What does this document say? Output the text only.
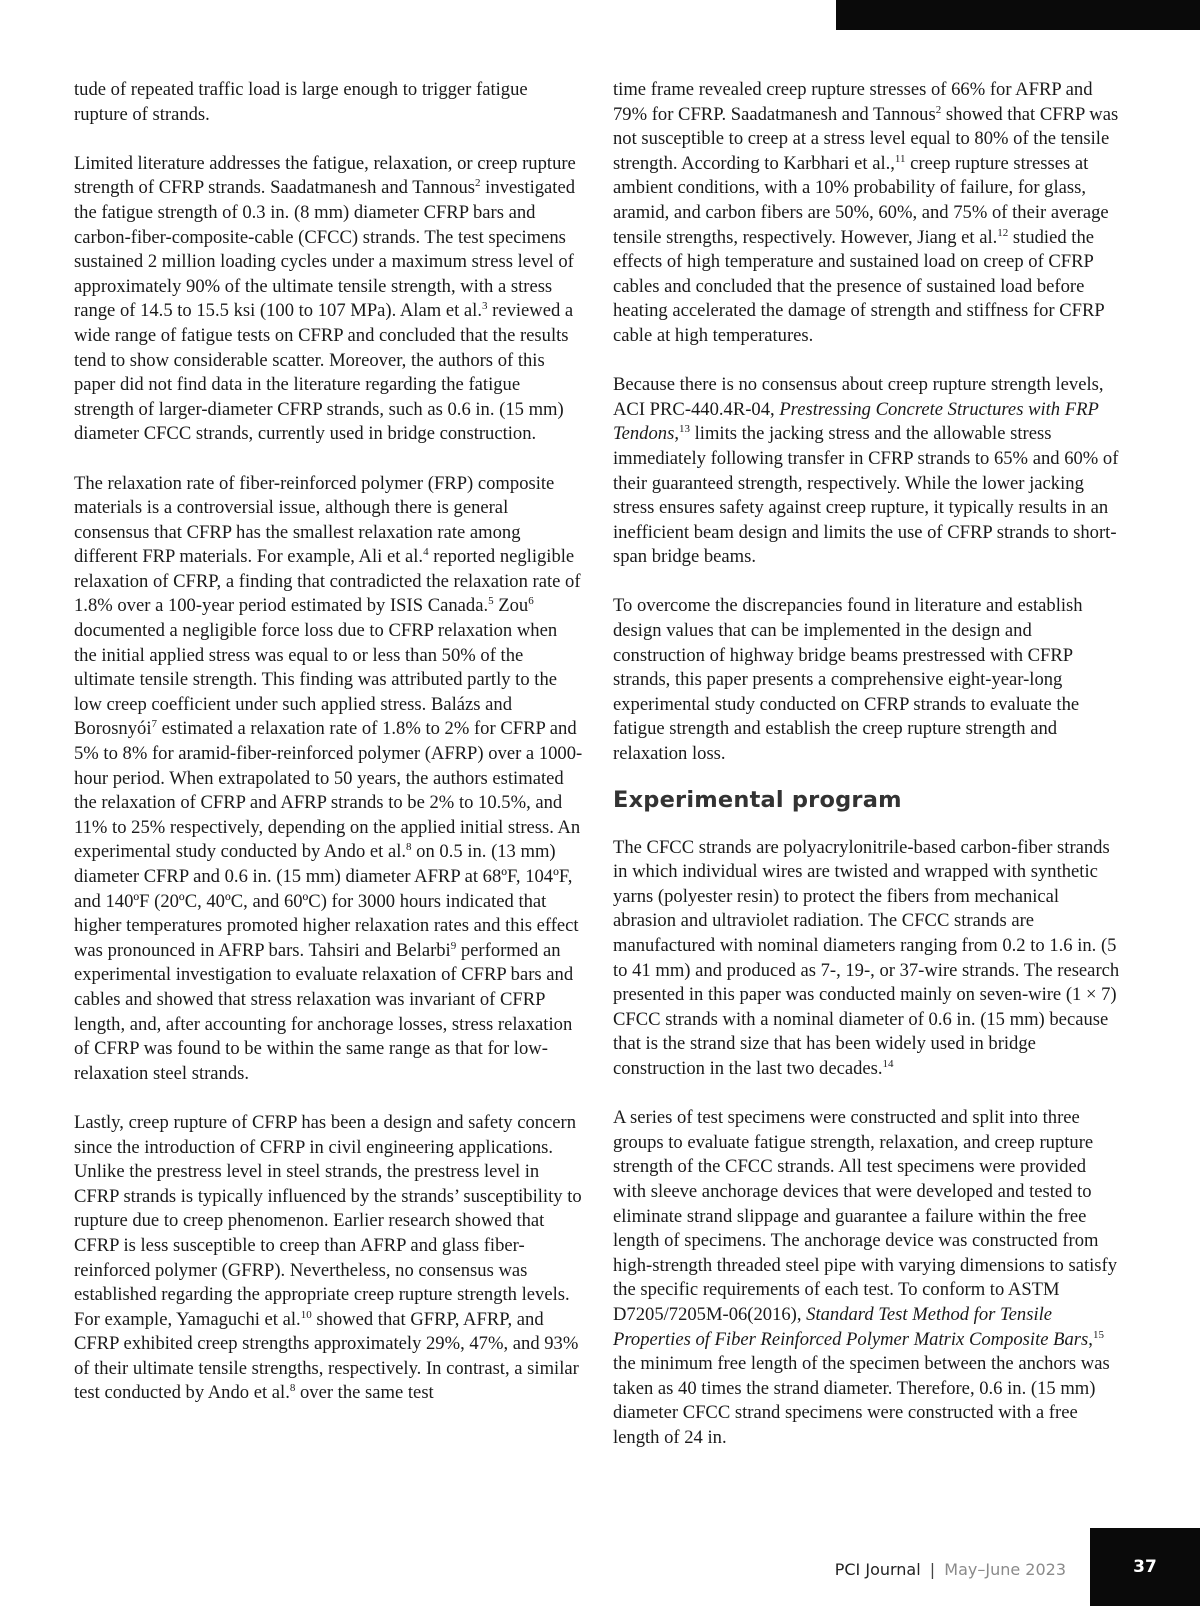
tude of repeated traffic load is large enough to trigger fatigue rupture of strands.

Limited literature addresses the fatigue, relaxation, or creep rupture strength of CFRP strands. Saadatmanesh and Tannous$^2$ investigated the fatigue strength of 0.3 in. (8 mm) diameter CFRP bars and carbon-fiber-composite-cable (CFCC) strands. The test specimens sustained 2 million loading cycles under a maximum stress level of approximately 90% of the ultimate tensile strength, with a stress range of 14.5 to 15.5 ksi (100 to 107 MPa). Alam et al.$^3$ reviewed a wide range of fatigue tests on CFRP and concluded that the results tend to show considerable scatter. Moreover, the authors of this paper did not find data in the literature regarding the fatigue strength of larger-diameter CFRP strands, such as 0.6 in. (15 mm) diameter CFCC strands, currently used in bridge construction.

The relaxation rate of fiber-reinforced polymer (FRP) composite materials is a controversial issue, although there is general consensus that CFRP has the smallest relaxation rate among different FRP materials. For example, Ali et al.$^4$ reported negligible relaxation of CFRP, a finding that contradicted the relaxation rate of 1.8% over a 100-year period estimated by ISIS Canada.$^5$ Zou$^6$ documented a negligible force loss due to CFRP relaxation when the initial applied stress was equal to or less than 50% of the ultimate tensile strength. This finding was attributed partly to the low creep coefficient under such applied stress. Balázs and Borosnyói$^7$ estimated a relaxation rate of 1.8% to 2% for CFRP and 5% to 8% for aramid-fiber-reinforced polymer (AFRP) over a 1000-hour period. When extrapolated to 50 years, the authors estimated the relaxation of CFRP and AFRP strands to be 2% to 10.5%, and 11% to 25% respectively, depending on the applied initial stress. An experimental study conducted by Ando et al.$^8$ on 0.5 in. (13 mm) diameter CFRP and 0.6 in. (15 mm) diameter AFRP at 68ºF, 104ºF, and 140ºF (20ºC, 40ºC, and 60ºC) for 3000 hours indicated that higher temperatures promoted higher relaxation rates and this effect was pronounced in AFRP bars. Tahsiri and Belarbi$^9$ performed an experimental investigation to evaluate relaxation of CFRP bars and cables and showed that stress relaxation was invariant of CFRP length, and, after accounting for anchorage losses, stress relaxation of CFRP was found to be within the same range as that for low-relaxation steel strands.

Lastly, creep rupture of CFRP has been a design and safety concern since the introduction of CFRP in civil engineering applications. Unlike the prestress level in steel strands, the prestress level in CFRP strands is typically influenced by the strands’ susceptibility to rupture due to creep phenomenon. Earlier research showed that CFRP is less susceptible to creep than AFRP and glass fiber-reinforced polymer (GFRP). Nevertheless, no consensus was established regarding the appropriate creep rupture strength levels. For example, Yamaguchi et al.$^{10}$ showed that GFRP, AFRP, and CFRP exhibited creep strengths approximately 29%, 47%, and 93% of their ultimate tensile strengths, respectively. In contrast, a similar test conducted by Ando et al.$^8$ over the same test

time frame revealed creep rupture stresses of 66% for AFRP and 79% for CFRP. Saadatmanesh and Tannous$^2$ showed that CFRP was not susceptible to creep at a stress level equal to 80% of the tensile strength. According to Karbhari et al.,$^{11}$ creep rupture stresses at ambient conditions, with a 10% probability of failure, for glass, aramid, and carbon fibers are 50%, 60%, and 75% of their average tensile strengths, respectively. However, Jiang et al.$^{12}$ studied the effects of high temperature and sustained load on creep of CFRP cables and concluded that the presence of sustained load before heating accelerated the damage of strength and stiffness for CFRP cable at high temperatures.

Because there is no consensus about creep rupture strength levels, ACI PRC-440.4R-04, Prestressing Concrete Structures with FRP Tendons,$^{13}$ limits the jacking stress and the allowable stress immediately following transfer in CFRP strands to 65% and 60% of their guaranteed strength, respectively. While the lower jacking stress ensures safety against creep rupture, it typically results in an inefficient beam design and limits the use of CFRP strands to short-span bridge beams.

To overcome the discrepancies found in literature and establish design values that can be implemented in the design and construction of highway bridge beams prestressed with CFRP strands, this paper presents a comprehensive eight-year-long experimental study conducted on CFRP strands to evaluate the fatigue strength and establish the creep rupture strength and relaxation loss.

Experimental program

The CFCC strands are polyacrylonitrile-based carbon-fiber strands in which individual wires are twisted and wrapped with synthetic yarns (polyester resin) to protect the fibers from mechanical abrasion and ultraviolet radiation. The CFCC strands are manufactured with nominal diameters ranging from 0.2 to 1.6 in. (5 to 41 mm) and produced as 7-, 19-, or 37-wire strands. The research presented in this paper was conducted mainly on seven-wire (1 × 7) CFCC strands with a nominal diameter of 0.6 in. (15 mm) because that is the strand size that has been widely used in bridge construction in the last two decades.$^{14}$

A series of test specimens were constructed and split into three groups to evaluate fatigue strength, relaxation, and creep rupture strength of the CFCC strands. All test specimens were provided with sleeve anchorage devices that were developed and tested to eliminate strand slippage and guarantee a failure within the free length of specimens. The anchorage device was constructed from high-strength threaded steel pipe with varying dimensions to satisfy the specific requirements of each test. To conform to ASTM D7205/7205M-06(2016), Standard Test Method for Tensile Properties of Fiber Reinforced Polymer Matrix Composite Bars,$^{15}$ the minimum free length of the specimen between the anchors was taken as 40 times the strand diameter. Therefore, 0.6 in. (15 mm) diameter CFCC strand specimens were constructed with a free length of 24 in.

PCI Journal | May–June 2023	37
